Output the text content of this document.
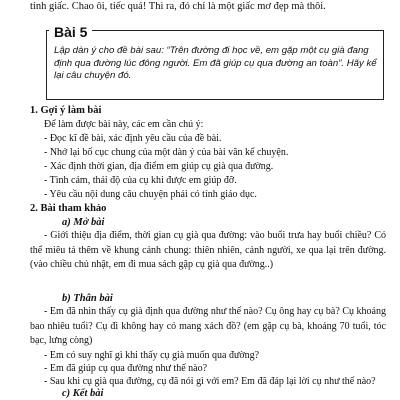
tỉnh giấc. Chao ôi, tiếc quá! Thì ra, đó chỉ là một giấc mơ đẹp mà thôi.
Bài 5
Lập dàn ý cho đề bài sau: “Trên đường đi học về, em gặp một cụ già đang định qua đường lúc đông người. Em đã giúp cụ qua đường an toàn”. Hãy kể lại câu chuyện đó.
1. Gợi ý làm bài
Để làm được bài này, các em cần chú ý:
- Đọc kĩ đề bài, xác định yêu cầu của đề bài.
- Nhớ lại bố cục chung của một dàn ý của bài văn kể chuyện.
- Xác định thời gian, địa điểm em giúp cụ già qua đường.
- Tình cảm, thái độ của cụ khi được em giúp đỡ.
- Yêu cầu nội dung câu chuyện phải có tính giáo dục.
2. Bài tham khảo
a) Mở bài
- Giới thiệu địa điểm, thời gian cụ già qua đường: vào buổi trưa hay buổi chiều? Có thể miêu tả thêm về khung cảnh chung: thiên nhiên, cảnh người, xe qua lại trên đường. (vào chiều chủ nhật, em đi mua sách gặp cụ già qua đường..)
b) Thân bài
- Em đã nhìn thấy cụ già định qua đường như thế nào? Cụ ông hay cụ bà? Cụ khoảng bao nhiêu tuổi? Cụ đi không hay có mang xách đồ? (em gặp cụ bà, khoảng 70 tuổi, tóc bạc, lưng còng)
- Em có suy nghĩ gì khi thấy cụ già muốn qua đường?
- Em đã giúp cụ qua đường như thế nào?
- Sau khi cụ già qua đường, cụ đã nói gì với em? Em đã đáp lại lời cụ như thế nào?
c) Kết bài
